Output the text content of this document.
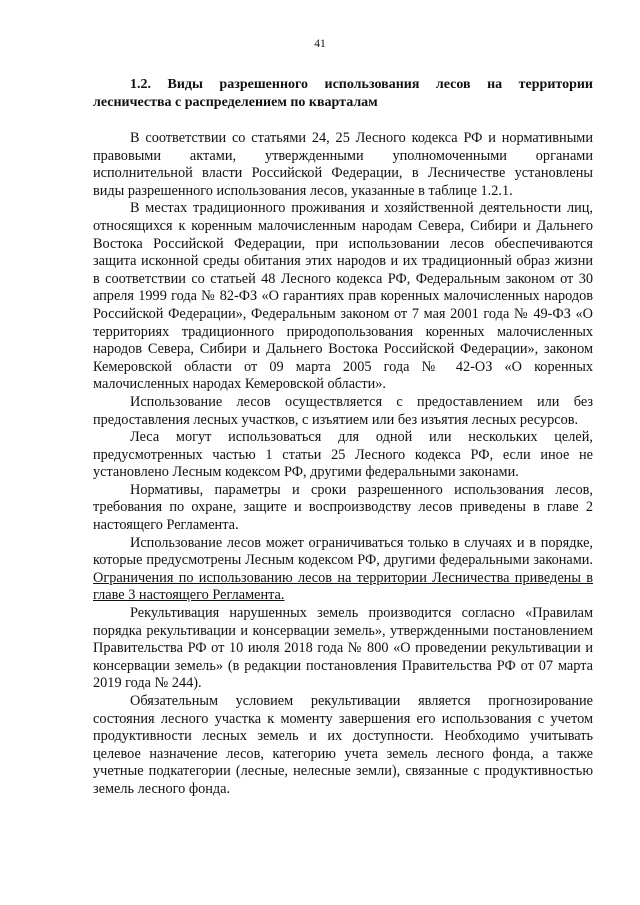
41
1.2. Виды разрешенного использования лесов на территории лесничества с распределением по кварталам

В соответствии со статьями 24, 25 Лесного кодекса РФ и нормативными правовыми актами, утвержденными уполномоченными органами исполнительной власти Российской Федерации, в Лесничестве установлены виды разрешенного использования лесов, указанные в таблице 1.2.1.

В местах традиционного проживания и хозяйственной деятельности лиц, относящихся к коренным малочисленным народам Севера, Сибири и Дальнего Востока Российской Федерации, при использовании лесов обеспечиваются защита исконной среды обитания этих народов и их традиционный образ жизни в соответствии со статьей 48 Лесного кодекса РФ, Федеральным законом от 30 апреля 1999 года № 82-ФЗ «О гарантиях прав коренных малочисленных народов Российской Федерации», Федеральным законом от 7 мая 2001 года № 49-ФЗ «О территориях традиционного природопользования коренных малочисленных народов Севера, Сибири и Дальнего Востока Российской Федерации», законом Кемеровской области от 09 марта 2005 года № 42-ОЗ «О коренных малочисленных народах Кемеровской области».

Использование лесов осуществляется с предоставлением или без предоставления лесных участков, с изъятием или без изъятия лесных ресурсов.

Леса могут использоваться для одной или нескольких целей, предусмотренных частью 1 статьи 25 Лесного кодекса РФ, если иное не установлено Лесным кодексом РФ, другими федеральными законами.

Нормативы, параметры и сроки разрешенного использования лесов, требования по охране, защите и воспроизводству лесов приведены в главе 2 настоящего Регламента.

Использование лесов может ограничиваться только в случаях и в порядке, которые предусмотрены Лесным кодексом РФ, другими федеральными законами. Ограничения по использованию лесов на территории Лесничества приведены в главе 3 настоящего Регламента.

Рекультивация нарушенных земель производится согласно «Правилам порядка рекультивации и консервации земель», утвержденными постановлением Правительства РФ от 10 июля 2018 года № 800 «О проведении рекультивации и консервации земель» (в редакции постановления Правительства РФ от 07 марта 2019 года № 244).

Обязательным условием рекультивации является прогнозирование состояния лесного участка к моменту завершения его использования с учетом продуктивности лесных земель и их доступности. Необходимо учитывать целевое назначение лесов, категорию учета земель лесного фонда, а также учетные подкатегории (лесные, нелесные земли), связанные с продуктивностью земель лесного фонда.
